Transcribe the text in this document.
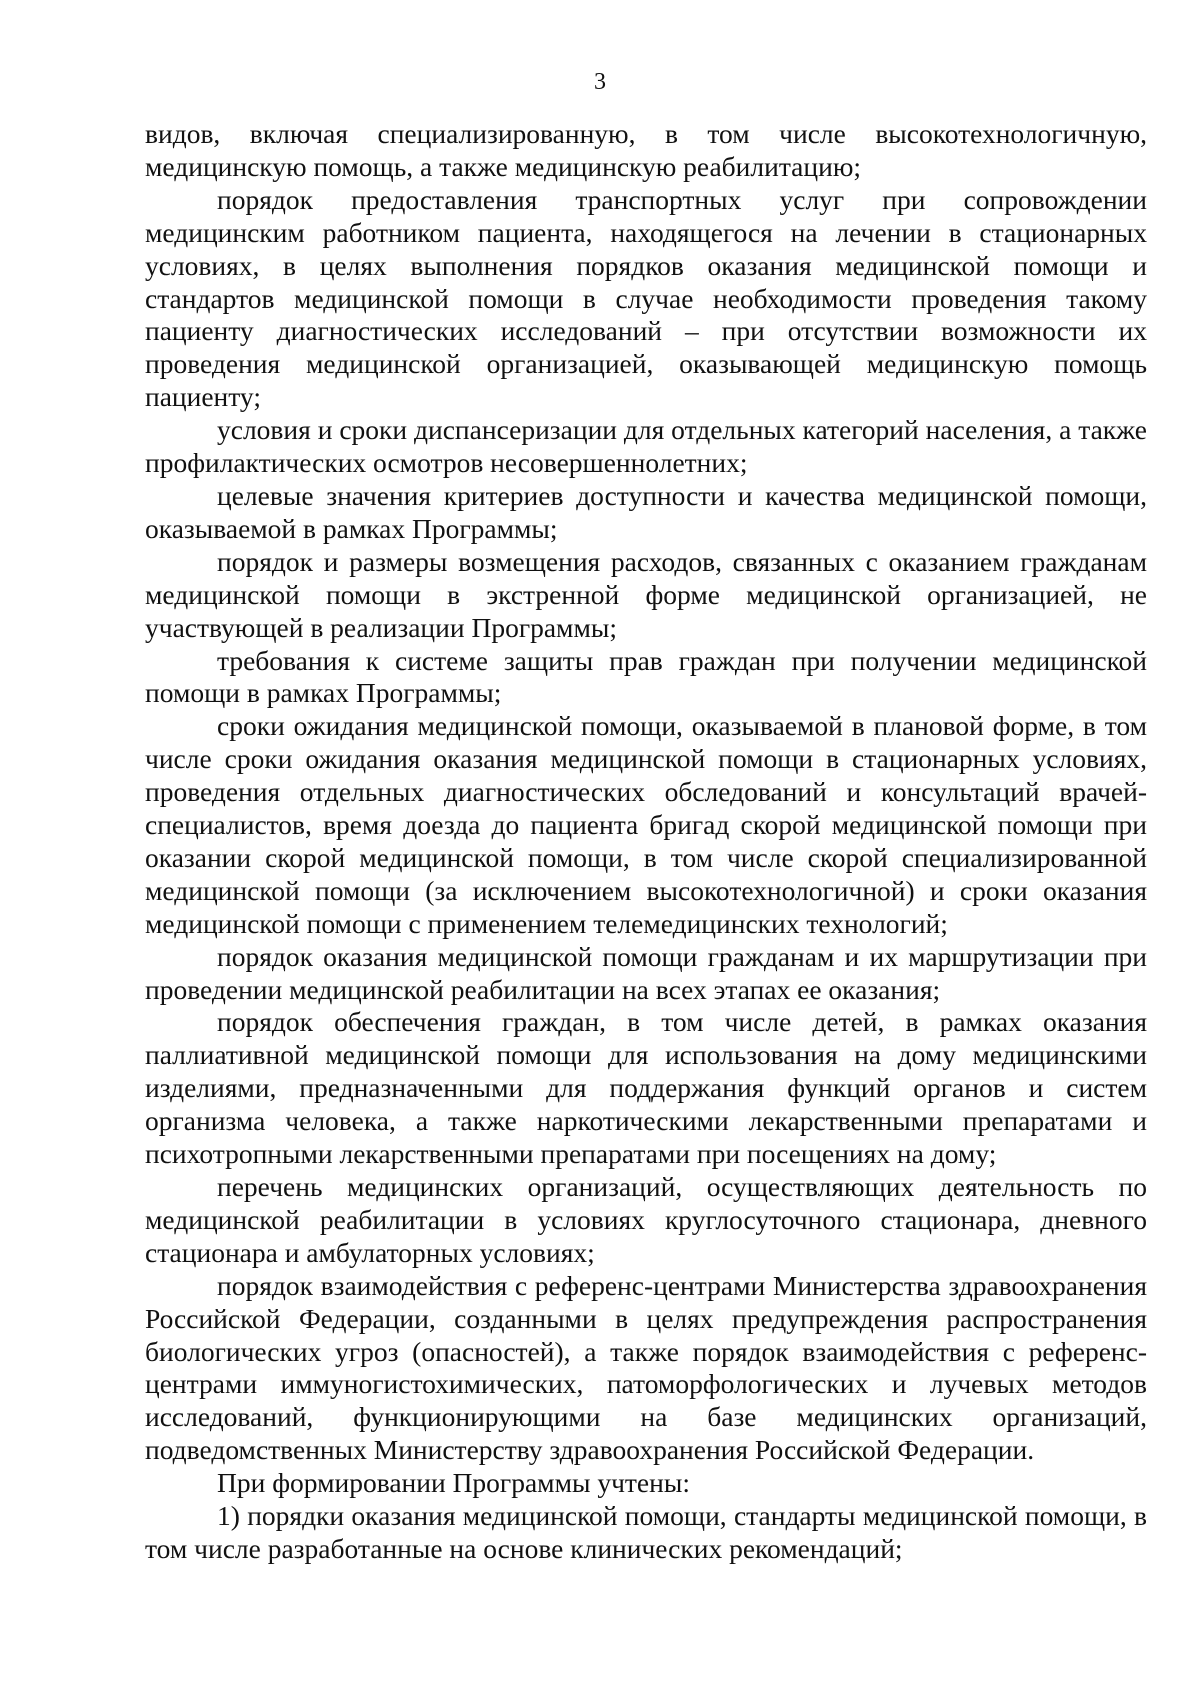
3

видов, включая специализированную, в том числе высокотехнологичную, медицинскую помощь, а также медицинскую реабилитацию;

порядок предоставления транспортных услуг при сопровождении медицинским работником пациента, находящегося на лечении в стационарных условиях, в целях выполнения порядков оказания медицинской помощи и стандартов медицинской помощи в случае необходимости проведения такому пациенту диагностических исследований – при отсутствии возможности их проведения медицинской организацией, оказывающей медицинскую помощь пациенту;

условия и сроки диспансеризации для отдельных категорий населения, а также профилактических осмотров несовершеннолетних;

целевые значения критериев доступности и качества медицинской помощи, оказываемой в рамках Программы;

порядок и размеры возмещения расходов, связанных с оказанием гражданам медицинской помощи в экстренной форме медицинской организацией, не участвующей в реализации Программы;

требования к системе защиты прав граждан при получении медицинской помощи в рамках Программы;

сроки ожидания медицинской помощи, оказываемой в плановой форме, в том числе сроки ожидания оказания медицинской помощи в стационарных условиях, проведения отдельных диагностических обследований и консультаций врачей-специалистов, время доезда до пациента бригад скорой медицинской помощи при оказании скорой медицинской помощи, в том числе скорой специализированной медицинской помощи (за исключением высокотехнологичной) и сроки оказания медицинской помощи с применением телемедицинских технологий;

порядок оказания медицинской помощи гражданам и их маршрутизации при проведении медицинской реабилитации на всех этапах ее оказания;

порядок обеспечения граждан, в том числе детей, в рамках оказания паллиативной медицинской помощи для использования на дому медицинскими изделиями, предназначенными для поддержания функций органов и систем организма человека, а также наркотическими лекарственными препаратами и психотропными лекарственными препаратами при посещениях на дому;

перечень медицинских организаций, осуществляющих деятельность по медицинской реабилитации в условиях круглосуточного стационара, дневного стационара и амбулаторных условиях;

порядок взаимодействия с референс-центрами Министерства здравоохранения Российской Федерации, созданными в целях предупреждения распространения биологических угроз (опасностей), а также порядок взаимодействия с референс-центрами иммуногистохимических, патоморфологических и лучевых методов исследований, функционирующими на базе медицинских организаций, подведомственных Министерству здравоохранения Российской Федерации.

При формировании Программы учтены:

1) порядки оказания медицинской помощи, стандарты медицинской помощи, в том числе разработанные на основе клинических рекомендаций;
